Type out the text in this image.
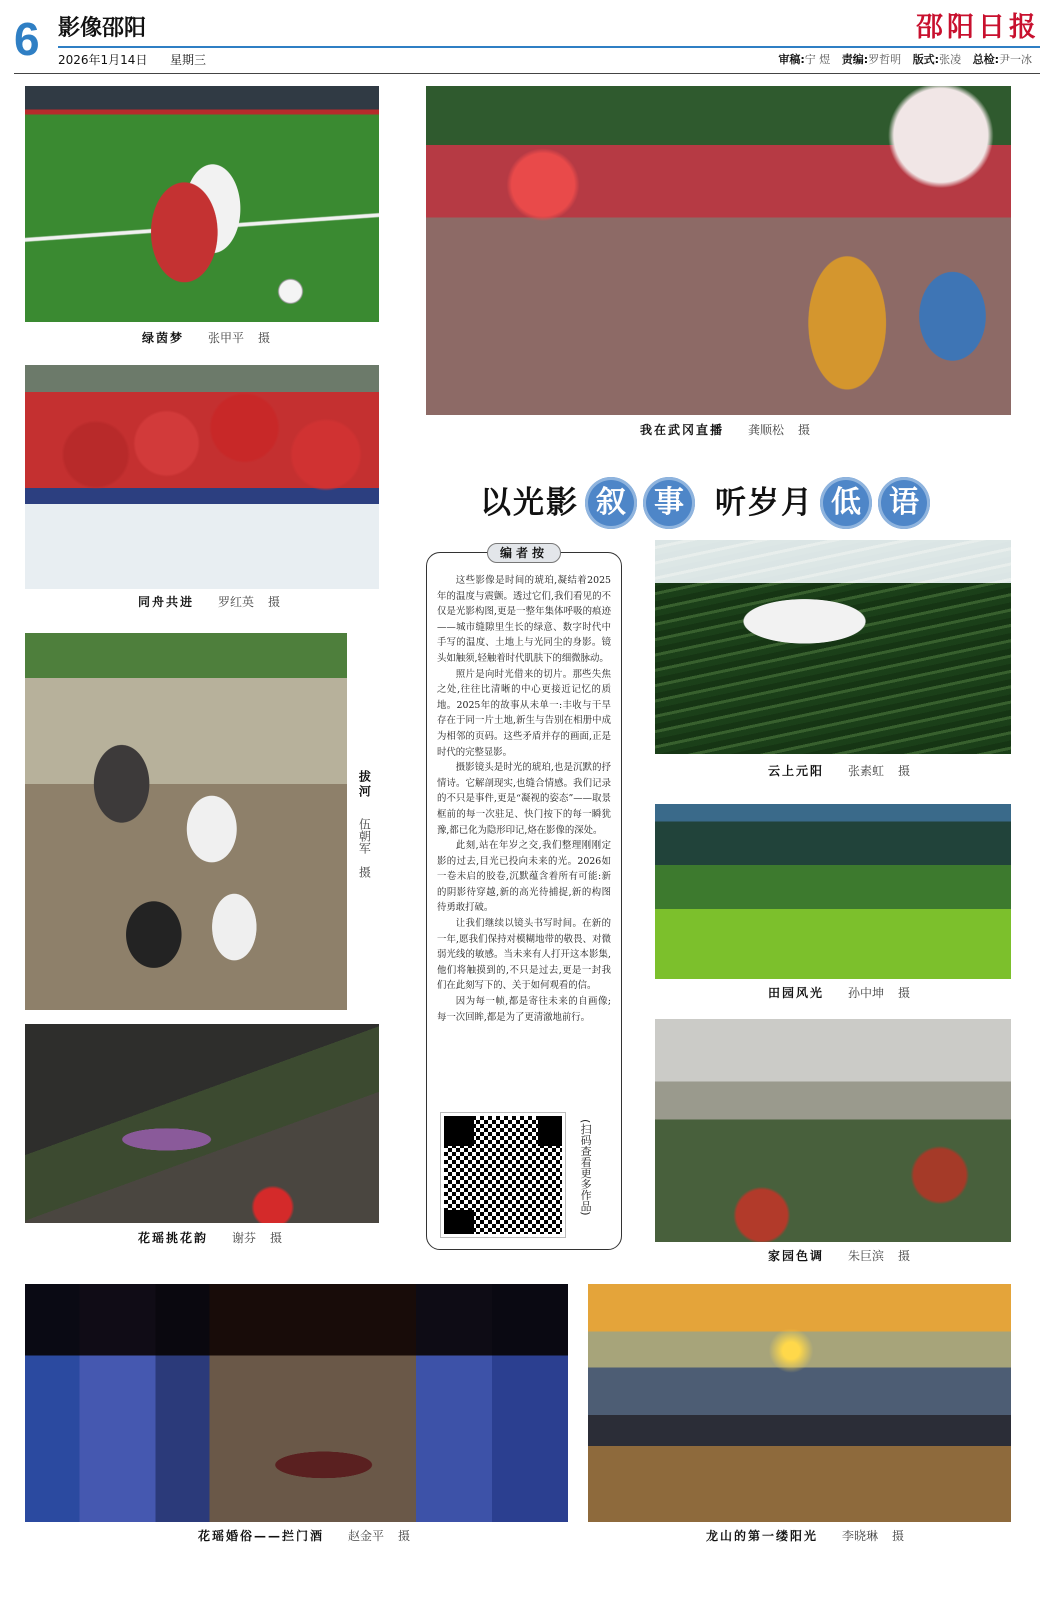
6 影像邵阳	邵阳日报
2026年1月14日 星期三	审稿:宁 煜 责编:罗哲明 版式:张凌 总检:尹一冰
绿茵梦 张甲平 摄
同舟共进 罗红英 摄
拔河伍朝军摄
花瑶挑花韵 谢芬 摄
我在武冈直播 龚顺松 摄
以光影 叙 事	听岁月 低 语
编者按

这些影像是时间的琥珀,凝结着2025年的温度与震颤。透过它们,我们看见的不仅是光影构图,更是一整年集体呼吸的痕迹——城市缝隙里生长的绿意、数字时代中手写的温度、土地上与光同尘的身影。镜头如触须,轻触着时代肌肤下的细微脉动。

照片是向时光借来的切片。那些失焦之处,往往比清晰的中心更接近记忆的质地。2025年的故事从未单一:丰收与干旱存在于同一片土地,新生与告别在相册中成为相邻的页码。这些矛盾并存的画面,正是时代的完整显影。

摄影镜头是时光的琥珀,也是沉默的抒情诗。它解剖现实,也缝合情感。我们记录的不只是事件,更是“凝视的姿态”——取景框前的每一次驻足、快门按下的每一瞬犹豫,都已化为隐形印记,烙在影像的深处。

此刻,站在年岁之交,我们整理刚刚定影的过去,目光已投向未来的光。2026如一卷未启的胶卷,沉默蕴含着所有可能:新的阴影待穿越,新的高光待捕捉,新的构图待勇敢打破。

让我们继续以镜头书写时间。在新的一年,愿我们保持对模糊地带的敬畏、对微弱光线的敏感。当未来有人打开这本影集,他们将触摸到的,不只是过去,更是一封我们在此刻写下的、关于如何观看的信。

因为每一帧,都是寄往未来的自画像;每一次回眸,都是为了更清澈地前行。

(扫码查看更多作品)
云上元阳 张素虹 摄
田园风光 孙中坤 摄
家园色调 朱巨滨 摄
花瑶婚俗——拦门酒 赵金平 摄	龙山的第一缕阳光 李晓琳 摄
